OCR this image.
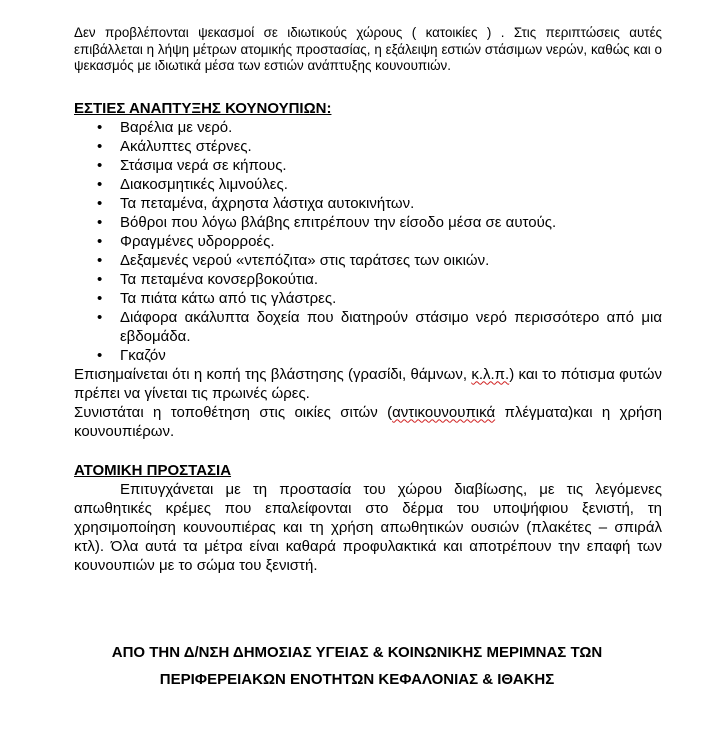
Δεν προβλέπονται ψεκασμοί σε ιδιωτικούς χώρους ( κατοικίες ) . Στις περιπτώσεις αυτές επιβάλλεται η λήψη μέτρων ατομικής προστασίας, η εξάλειψη εστιών στάσιμων νερών, καθώς και ο ψεκασμός με ιδιωτικά μέσα των εστιών ανάπτυξης κουνουπιών.

ΕΣΤΙΕΣ ΑΝΑΠΤΥΞΗΣ ΚΟΥΝΟΥΠΙΩΝ:

• Βαρέλια με νερό.
• Ακάλυπτες στέρνες.
• Στάσιμα νερά σε κήπους.
• Διακοσμητικές λιμνούλες.
• Τα πεταμένα, άχρηστα λάστιχα αυτοκινήτων.
• Βόθροι που λόγω βλάβης επιτρέπουν την είσοδο μέσα σε αυτούς.
• Φραγμένες υδρορροές.
• Δεξαμενές νερού «ντεπόζιτα» στις ταράτσες των οικιών.
• Τα πεταμένα κονσερβοκούτια.
• Τα πιάτα κάτω από τις γλάστρες.
• Διάφορα ακάλυπτα δοχεία που διατηρούν στάσιμο νερό περισσότερο από μια εβδομάδα.
• Γκαζόν

Επισημαίνεται ότι η κοπή της βλάστησης (γρασίδι, θάμνων, κ.λ.π.) και το πότισμα φυτών πρέπει να γίνεται τις πρωινές ώρες.

Συνιστάται η τοποθέτηση στις οικίες σιτών (αντικουνουπικά πλέγματα)και η χρήση κουνουπιέρων.

ΑΤΟΜΙΚΗ ΠΡΟΣΤΑΣΙΑ

Επιτυγχάνεται με τη προστασία του χώρου διαβίωσης, με τις λεγόμενες απωθητικές κρέμες που επαλείφονται στο δέρμα του υποψήφιου ξενιστή, τη χρησιμοποίηση κουνουπιέρας και τη χρήση απωθητικών ουσιών (πλακέτες – σπιράλ κτλ). Όλα αυτά τα μέτρα είναι καθαρά προφυλακτικά και αποτρέπουν την επαφή των κουνουπιών με το σώμα του ξενιστή.

ΑΠΟ ΤΗΝ Δ/ΝΣΗ ΔΗΜΟΣΙΑΣ ΥΓΕΙΑΣ & ΚΟΙΝΩΝΙΚΗΣ ΜΕΡΙΜΝΑΣ ΤΩΝ
ΠΕΡΙΦΕΡΕΙΑΚΩΝ ΕΝΟΤΗΤΩΝ ΚΕΦΑΛΟΝΙΑΣ & ΙΘΑΚΗΣ
